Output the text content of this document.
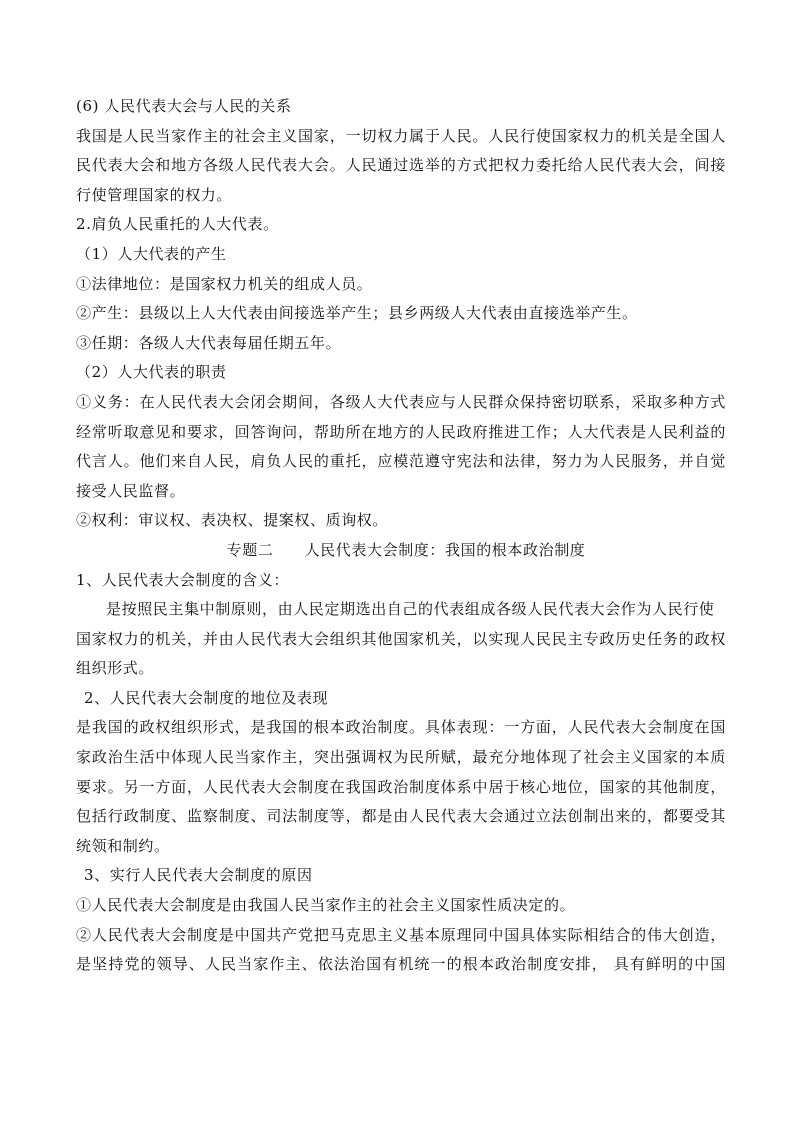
(6) 人民代表大会与人民的关系
我国是人民当家作主的社会主义国家，一切权力属于人民。人民行使国家权力的机关是全国人
民代表大会和地方各级人民代表大会。人民通过选举的方式把权力委托给人民代表大会，间接
行使管理国家的权力。
2.肩负人民重托的人大代表。
（1）人大代表的产生
①法律地位：是国家权力机关的组成人员。
②产生：县级以上人大代表由间接选举产生；县乡两级人大代表由直接选举产生。
③任期：各级人大代表每届任期五年。
（2）人大代表的职责
①义务：在人民代表大会闭会期间，各级人大代表应与人民群众保持密切联系，采取多种方式
经常听取意见和要求，回答询问，帮助所在地方的人民政府推进工作；人大代表是人民利益的
代言人。他们来自人民，肩负人民的重托，应模范遵守宪法和法律，努力为人民服务，并自觉
接受人民监督。
②权利：审议权、表决权、提案权、质询权。
专题二　　人民代表大会制度：我国的根本政治制度
1、人民代表大会制度的含义：
是按照民主集中制原则，由人民定期选出自己的代表组成各级人民代表大会作为人民行使
国家权力的机关，并由人民代表大会组织其他国家机关，以实现人民民主专政历史任务的政权
组织形式。
2、人民代表大会制度的地位及表现
是我国的政权组织形式，是我国的根本政治制度。具体表现：一方面，人民代表大会制度在国
家政治生活中体现人民当家作主，突出强调权为民所赋，最充分地体现了社会主义国家的本质
要求。另一方面，人民代表大会制度在我国政治制度体系中居于核心地位，国家的其他制度，
包括行政制度、监察制度、司法制度等，都是由人民代表大会通过立法创制出来的，都要受其
统领和制约。
3、实行人民代表大会制度的原因
①人民代表大会制度是由我国人民当家作主的社会主义国家性质决定的。
②人民代表大会制度是中国共产党把马克思主义基本原理同中国具体实际相结合的伟大创造，
是坚持党的领导、人民当家作主、依法治国有机统一的根本政治制度安排， 具有鲜明的中国
